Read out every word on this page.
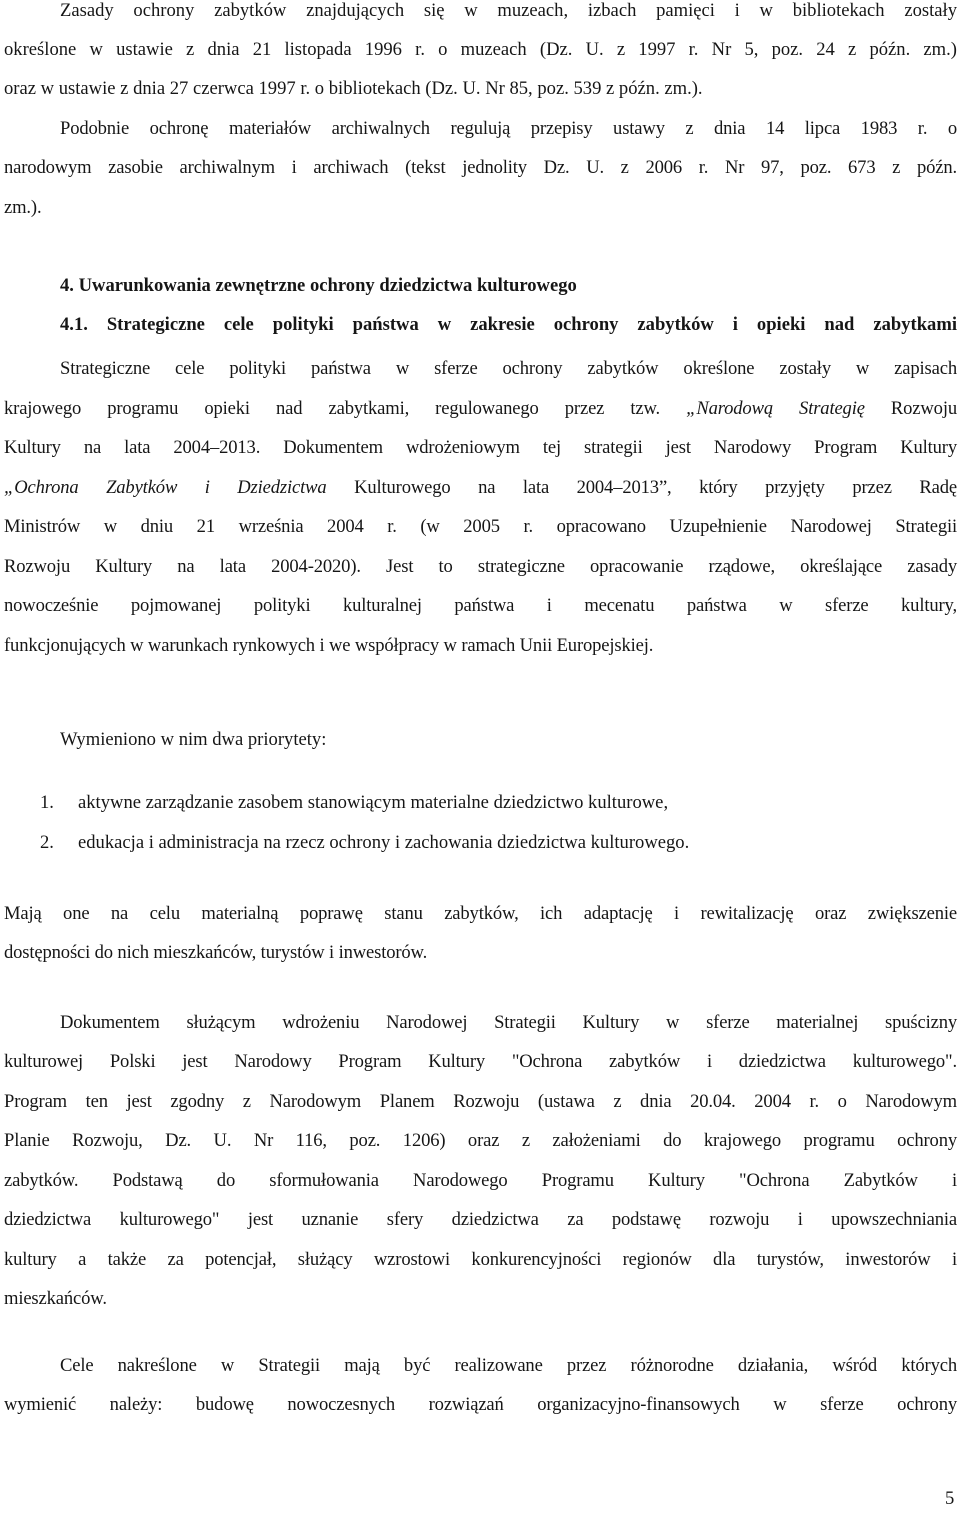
Zasady ochrony zabytków znajdujących się w muzeach, izbach pamięci i w bibliotekach zostały
określone w ustawie z dnia 21 listopada 1996 r. o muzeach (Dz. U. z 1997 r. Nr 5, poz. 24 z późn. zm.)
oraz w ustawie z dnia 27 czerwca 1997 r. o bibliotekach (Dz. U. Nr 85, poz. 539 z późn. zm.).
Podobnie ochronę materiałów archiwalnych regulują przepisy ustawy z dnia 14 lipca 1983 r. o
narodowym zasobie archiwalnym i archiwach (tekst jednolity Dz. U. z 2006 r. Nr 97, poz. 673 z późn.
zm.).
4. Uwarunkowania zewnętrzne ochrony dziedzictwa kulturowego
4.1. Strategiczne cele polityki państwa w zakresie ochrony zabytków i opieki nad zabytkami
Strategiczne cele polityki państwa w sferze ochrony zabytków określone zostały w zapisach
krajowego programu opieki nad zabytkami, regulowanego przez tzw. „Narodową Strategię Rozwoju
Kultury na lata 2004–2013. Dokumentem wdrożeniowym tej strategii jest Narodowy Program Kultury
„Ochrona Zabytków i Dziedzictwa Kulturowego na lata 2004–2013”, który przyjęty przez Radę
Ministrów w dniu 21 września 2004 r. (w 2005 r. opracowano Uzupełnienie Narodowej Strategii
Rozwoju Kultury na lata 2004-2020). Jest to strategiczne opracowanie rządowe, określające zasady
nowocześnie pojmowanej polityki kulturalnej państwa i mecenatu państwa w sferze kultury,
funkcjonujących w warunkach rynkowych i we współpracy w ramach Unii Europejskiej.
Wymieniono w nim dwa priorytety:
1. aktywne zarządzanie zasobem stanowiącym materialne dziedzictwo kulturowe,
2. edukacja i administracja na rzecz ochrony i zachowania dziedzictwa kulturowego.
Mają one na celu materialną poprawę stanu zabytków, ich adaptację i rewitalizację oraz zwiększenie
dostępności do nich mieszkańców, turystów i inwestorów.
Dokumentem służącym wdrożeniu Narodowej Strategii Kultury w sferze materialnej spuścizny
kulturowej Polski jest Narodowy Program Kultury "Ochrona zabytków i dziedzictwa kulturowego".
Program ten jest zgodny z Narodowym Planem Rozwoju (ustawa z dnia 20.04. 2004 r. o Narodowym
Planie Rozwoju, Dz. U. Nr 116, poz. 1206) oraz z założeniami do krajowego programu ochrony
zabytków. Podstawą do sformułowania Narodowego Programu Kultury "Ochrona Zabytków i
dziedzictwa kulturowego" jest uznanie sfery dziedzictwa za podstawę rozwoju i upowszechniania
kultury a także za potencjał, służący wzrostowi konkurencyjności regionów dla turystów, inwestorów i
mieszkańców.
Cele nakreślone w Strategii mają być realizowane przez różnorodne działania, wśród których
wymienić należy: budowę nowoczesnych rozwiązań organizacyjno-finansowych w sferze ochrony
5
